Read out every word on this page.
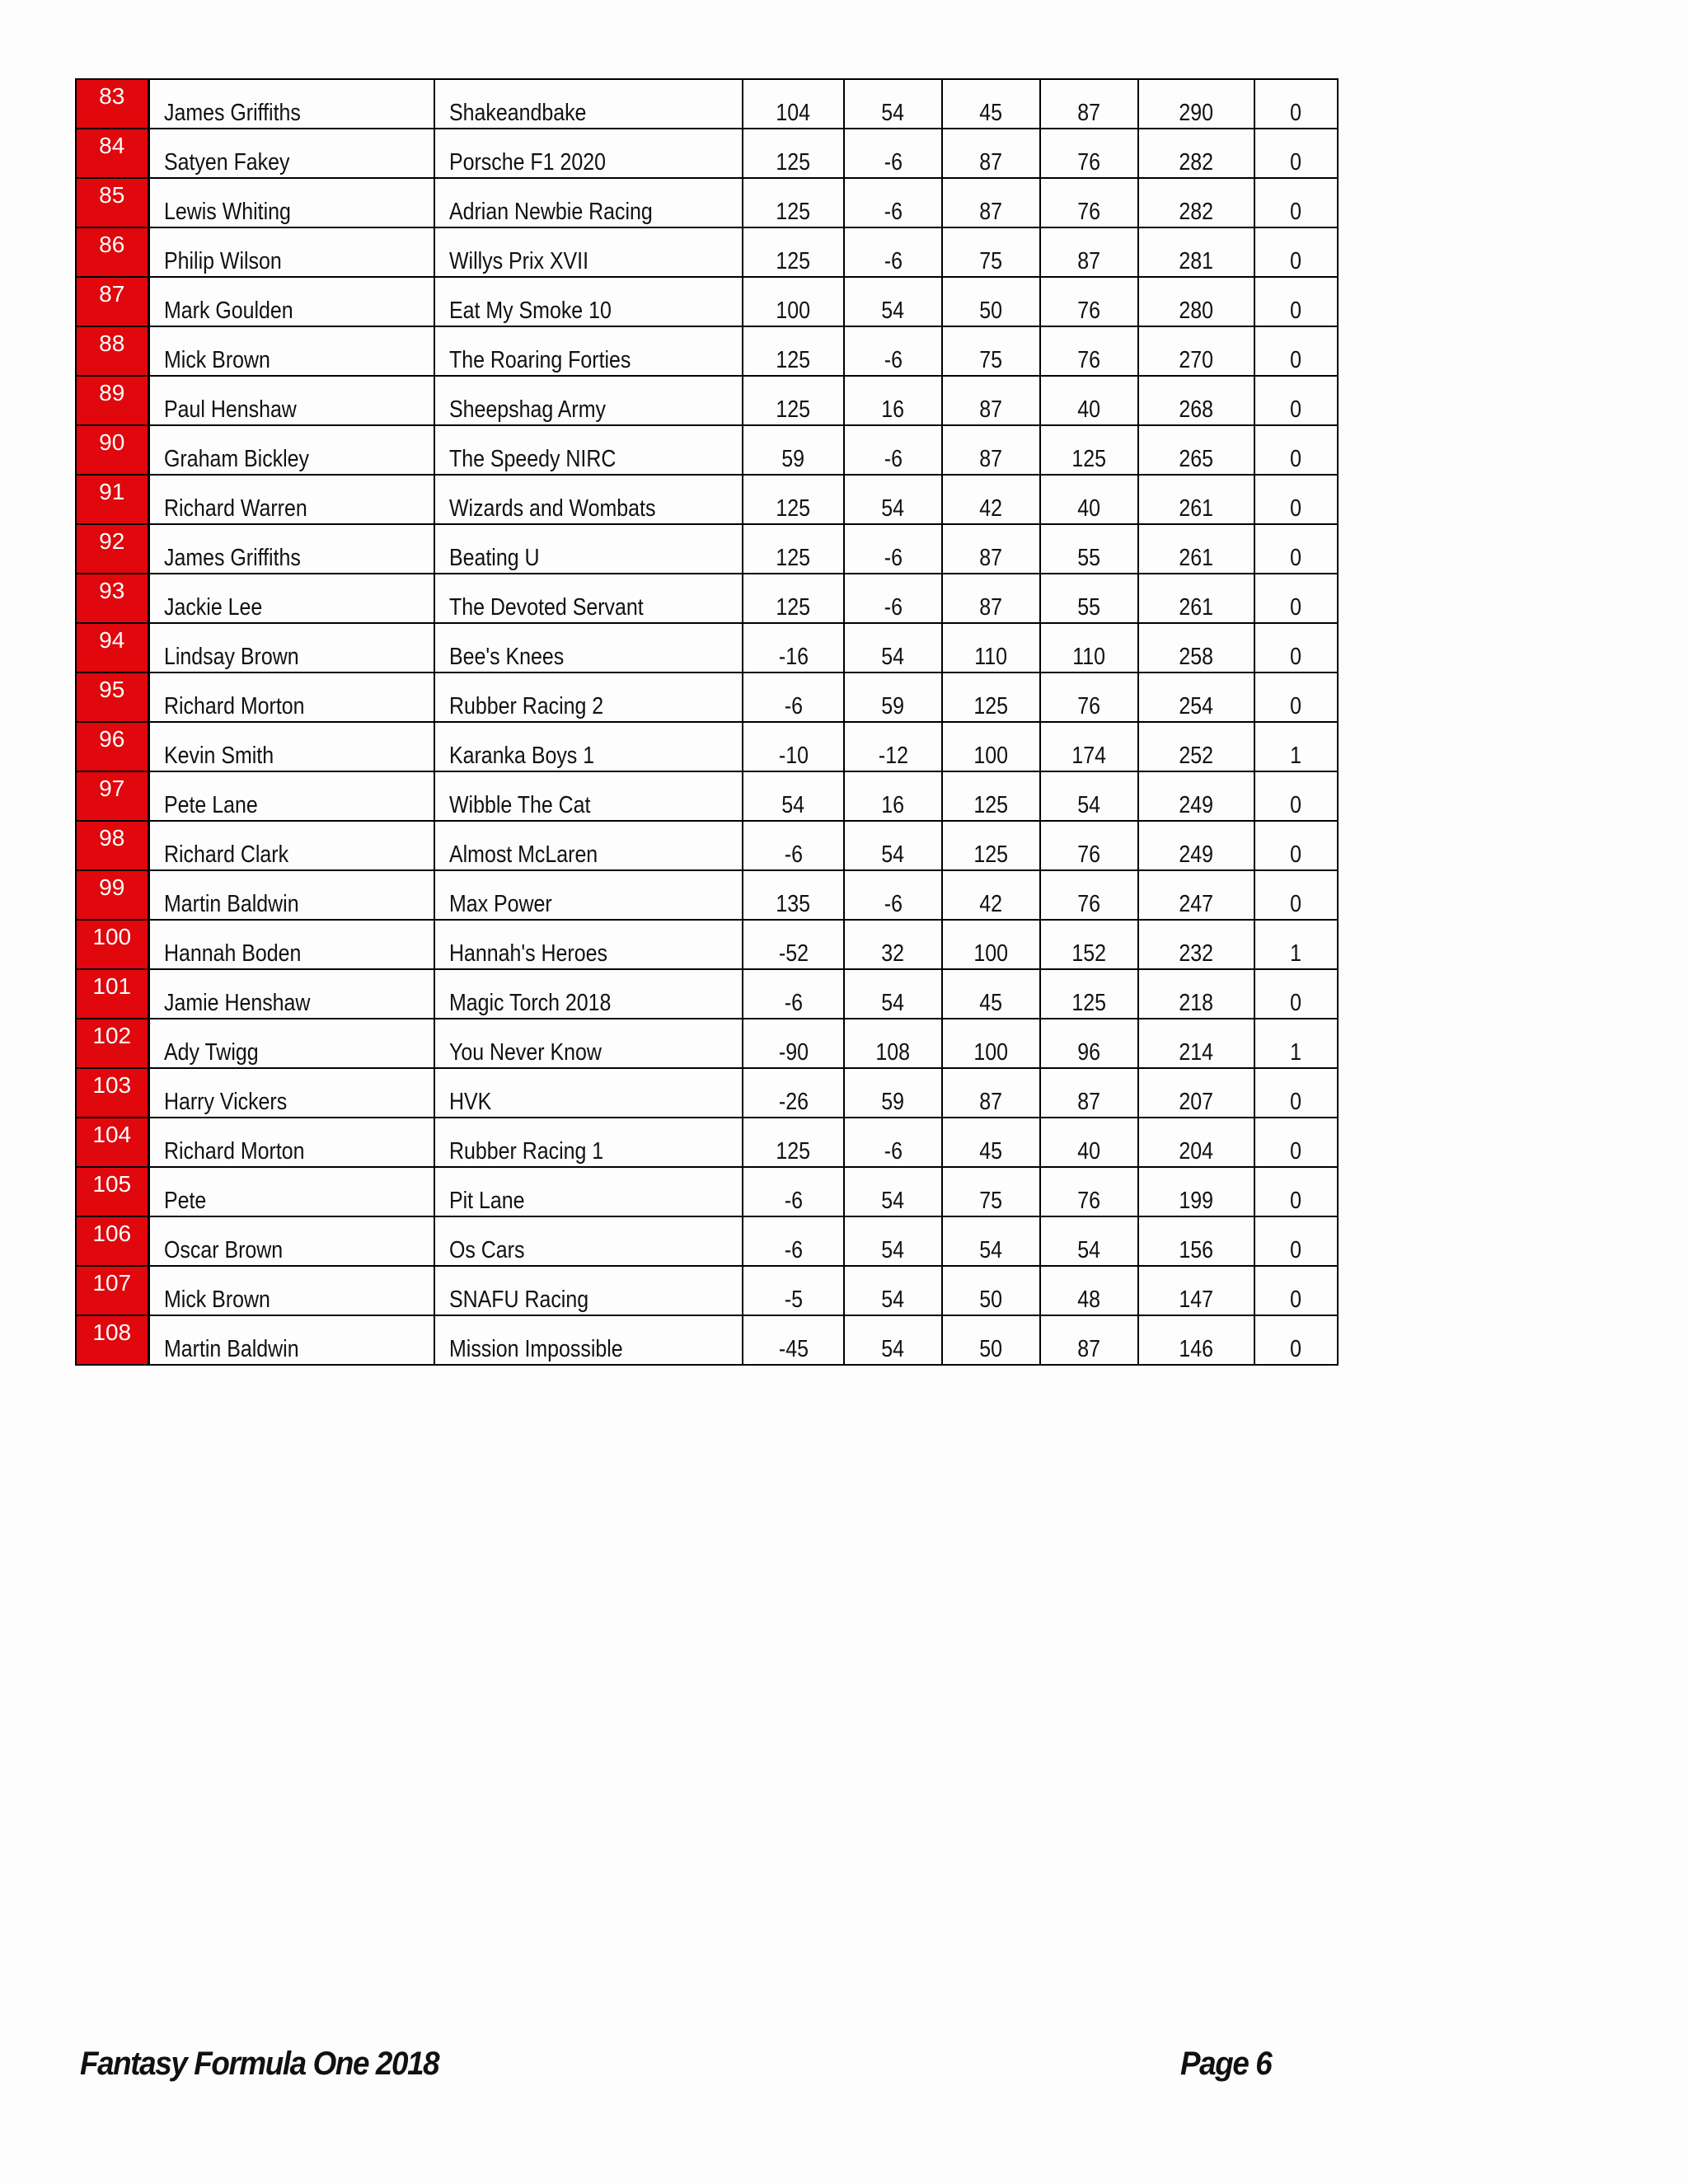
83	James Griffiths	Shakeandbake	104	54	45	87	290	0
84	Satyen Fakey	Porsche F1 2020	125	-6	87	76	282	0
85	Lewis Whiting	Adrian Newbie Racing	125	-6	87	76	282	0
86	Philip Wilson	Willys Prix XVII	125	-6	75	87	281	0
87	Mark Goulden	Eat My Smoke 10	100	54	50	76	280	0
88	Mick Brown	The Roaring Forties	125	-6	75	76	270	0
89	Paul Henshaw	Sheepshag Army	125	16	87	40	268	0
90	Graham Bickley	The Speedy NIRC	59	-6	87	125	265	0
91	Richard Warren	Wizards and Wombats	125	54	42	40	261	0
92	James Griffiths	Beating U	125	-6	87	55	261	0
93	Jackie Lee	The Devoted Servant	125	-6	87	55	261	0
94	Lindsay Brown	Bee's Knees	-16	54	110	110	258	0
95	Richard Morton	Rubber Racing 2	-6	59	125	76	254	0
96	Kevin Smith	Karanka Boys 1	-10	-12	100	174	252	1
97	Pete Lane	Wibble The Cat	54	16	125	54	249	0
98	Richard Clark	Almost McLaren	-6	54	125	76	249	0
99	Martin Baldwin	Max Power	135	-6	42	76	247	0
100	Hannah Boden	Hannah's Heroes	-52	32	100	152	232	1
101	Jamie Henshaw	Magic Torch 2018	-6	54	45	125	218	0
102	Ady Twigg	You Never Know	-90	108	100	96	214	1
103	Harry Vickers	HVK	-26	59	87	87	207	0
104	Richard Morton	Rubber Racing 1	125	-6	45	40	204	0
105	Pete	Pit Lane	-6	54	75	76	199	0
106	Oscar Brown	Os Cars	-6	54	54	54	156	0
107	Mick Brown	SNAFU Racing	-5	54	50	48	147	0
108	Martin Baldwin	Mission Impossible	-45	54	50	87	146	0
Fantasy Formula One 2018	Page 6
